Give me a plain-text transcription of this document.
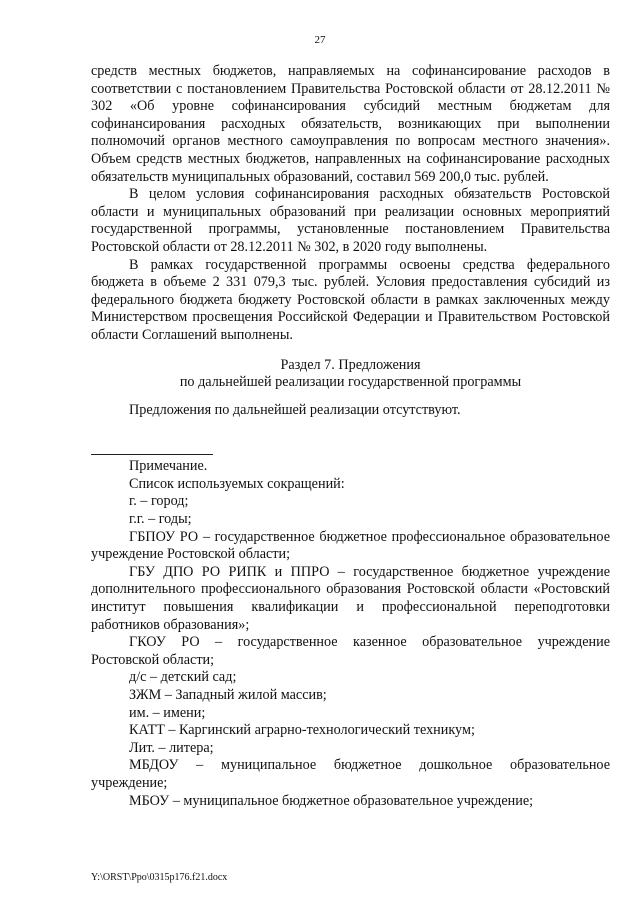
27

средств местных бюджетов, направляемых на софинансирование расходов в соответствии с постановлением Правительства Ростовской области от 28.12.2011 № 302 «Об уровне софинансирования субсидий местным бюджетам для софинансирования расходных обязательств, возникающих при выполнении полномочий органов местного самоуправления по вопросам местного значения». Объем средств местных бюджетов, направленных на софинансирование расходных обязательств муниципальных образований, составил 569 200,0 тыс. рублей.

В целом условия софинансирования расходных обязательств Ростовской области и муниципальных образований при реализации основных мероприятий государственной программы, установленные постановлением Правительства Ростовской области от 28.12.2011 № 302, в 2020 году выполнены.

В рамках государственной программы освоены средства федерального бюджета в объеме 2 331 079,3 тыс. рублей. Условия предоставления субсидий из федерального бюджета бюджету Ростовской области в рамках заключенных между Министерством просвещения Российской Федерации и Правительством Ростовской области Соглашений выполнены.

Раздел 7. Предложения
по дальнейшей реализации государственной программы

Предложения по дальнейшей реализации отсутствуют.

Примечание.

Список используемых сокращений:

г. – город;

г.г. – годы;

ГБПОУ РО – государственное бюджетное профессиональное образовательное учреждение Ростовской области;

ГБУ ДПО РО РИПК и ППРО – государственное бюджетное учреждение дополнительного профессионального образования Ростовской области «Ростовский институт повышения квалификации и профессиональной переподготовки работников образования»;

ГКОУ РО – государственное казенное образовательное учреждение Ростовской области;

д/с – детский сад;

ЗЖМ – Западный жилой массив;

им. – имени;

КАТТ – Каргинский аграрно-технологический техникум;

Лит. – литера;

МБДОУ – муниципальное бюджетное дошкольное образовательное учреждение;

МБОУ – муниципальное бюджетное образовательное учреждение;

Y:\ORST\Ppo\0315p176.f21.docx
